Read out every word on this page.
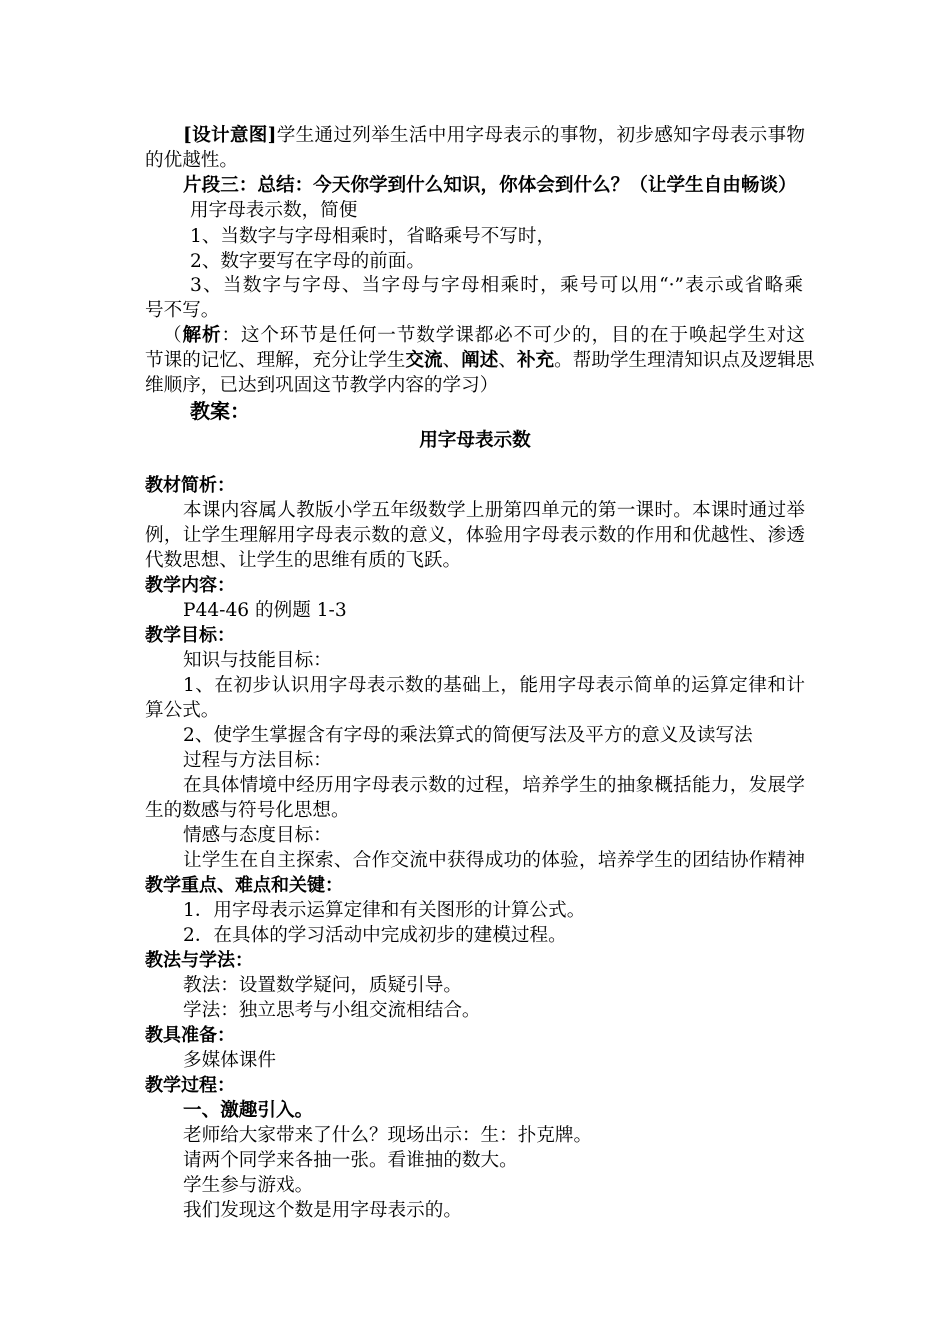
[设计意图]学生通过列举生活中用字母表示的事物，初步感知字母表示事物
的优越性。
片段三：总结：今天你学到什么知识，你体会到什么？（让学生自由畅谈）
用字母表示数，简便
1、当数字与字母相乘时，省略乘号不写时，
2、数字要写在字母的前面。
3、当数字与字母、当字母与字母相乘时，乘号可以用“·”表示或省略乘
号不写。
（解析：这个环节是任何一节数学课都必不可少的，目的在于唤起学生对这
节课的记忆、理解，充分让学生交流、阐述、补充。帮助学生理清知识点及逻辑思
维顺序，已达到巩固这节教学内容的学习）
教案：
用字母表示数
教材简析：
本课内容属人教版小学五年级数学上册第四单元的第一课时。本课时通过举
例，让学生理解用字母表示数的意义，体验用字母表示数的作用和优越性、渗透
代数思想、让学生的思维有质的飞跃。
教学内容：
P44-46 的例题 1-3
教学目标：
知识与技能目标：
1、在初步认识用字母表示数的基础上，能用字母表示简单的运算定律和计
算公式。
2、使学生掌握含有字母的乘法算式的简便写法及平方的意义及读写法
过程与方法目标：
在具体情境中经历用字母表示数的过程，培养学生的抽象概括能力，发展学
生的数感与符号化思想。
情感与态度目标：
让学生在自主探索、合作交流中获得成功的体验，培养学生的团结协作精神
教学重点、难点和关键：
1．用字母表示运算定律和有关图形的计算公式。
2．在具体的学习活动中完成初步的建模过程。
教法与学法：
教法：设置数学疑问，质疑引导。
学法：独立思考与小组交流相结合。
教具准备：
多媒体课件
教学过程：
一、激趣引入。
老师给大家带来了什么？现场出示：生：扑克牌。
请两个同学来各抽一张。看谁抽的数大。
学生参与游戏。
我们发现这个数是用字母表示的。
